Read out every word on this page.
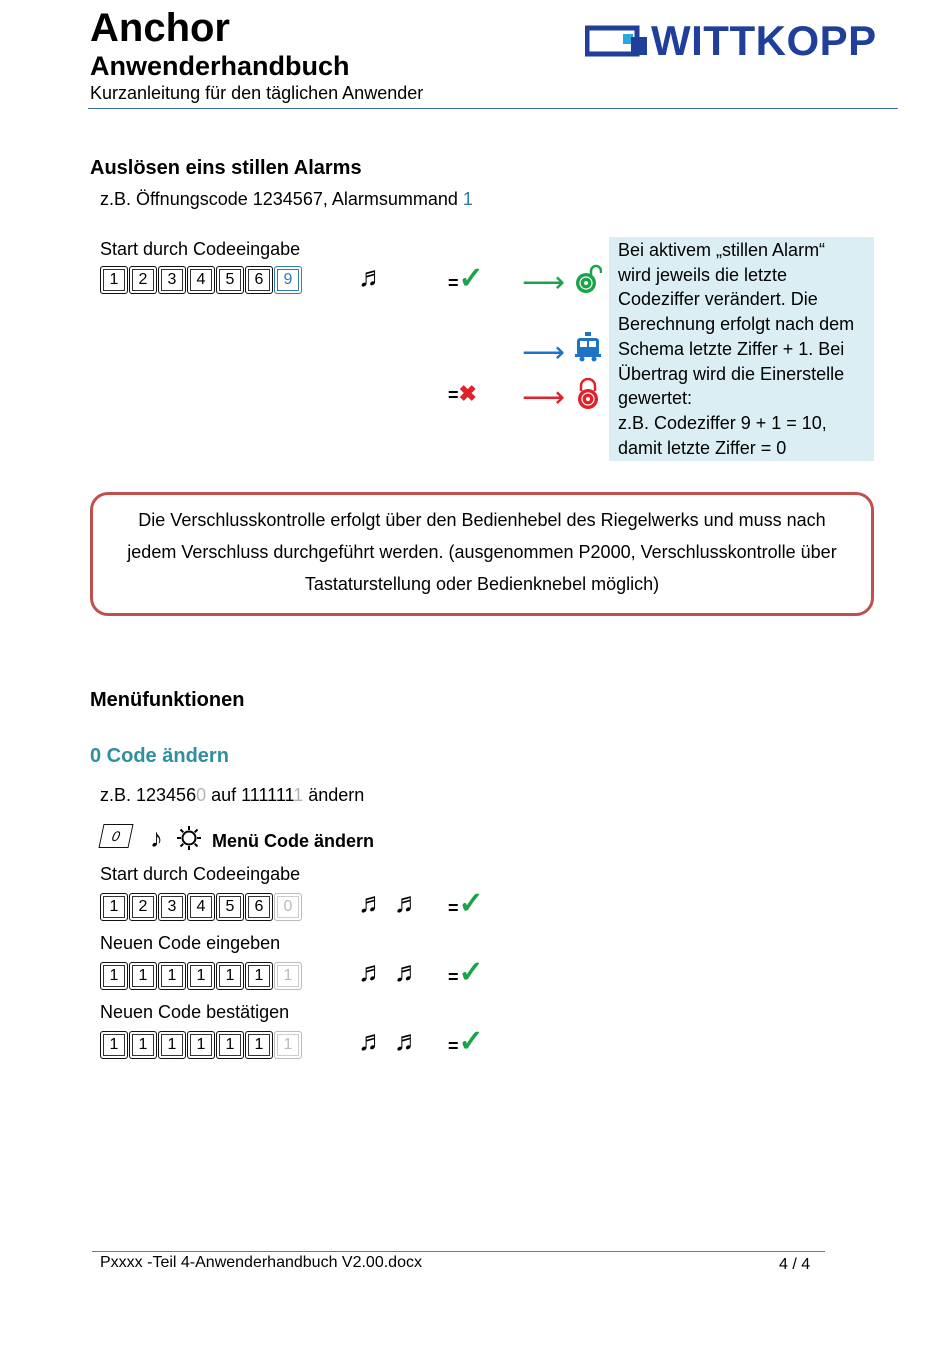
Anchor
Anwenderhandbuch
Kurzanleitung für den täglichen Anwender
WITTKOPP
Auslösen eins stillen Alarms
z.B. Öffnungscode 1234567, Alarmsummand 1
Start durch Codeeingabe
1	2	3	4	5	6	9	♬	= ✓ ⟶
⟶
= ✖ ⟶
Bei aktivem „stillen Alarm“
wird jeweils die letzte
Codeziffer verändert. Die
Berechnung erfolgt nach dem
Schema letzte Ziffer + 1. Bei
Übertrag wird die Einerstelle
gewertet:
z.B. Codeziffer 9 + 1 = 10,
damit letzte Ziffer = 0
Die Verschlusskontrolle erfolgt über den Bedienhebel des Riegelwerks und muss nach
jedem Verschluss durchgeführt werden. (ausgenommen P2000, Verschlusskontrolle über
Tastaturstellung oder Bedienknebel möglich)
Menüfunktionen
0 Code ändern
z.B. 1234560 auf 1111111 ändern
0	♪	Menü Code ändern
Start durch Codeeingabe
1	2	3	4	5	6	0	♬ ♬ = ✓
Neuen Code eingeben
1	1	1	1	1	1	1	♬ ♬ = ✓
Neuen Code bestätigen
1	1	1	1	1	1	1	♬ ♬ = ✓
Pxxxx -Teil 4-Anwenderhandbuch V2.00.docx	4 / 4
